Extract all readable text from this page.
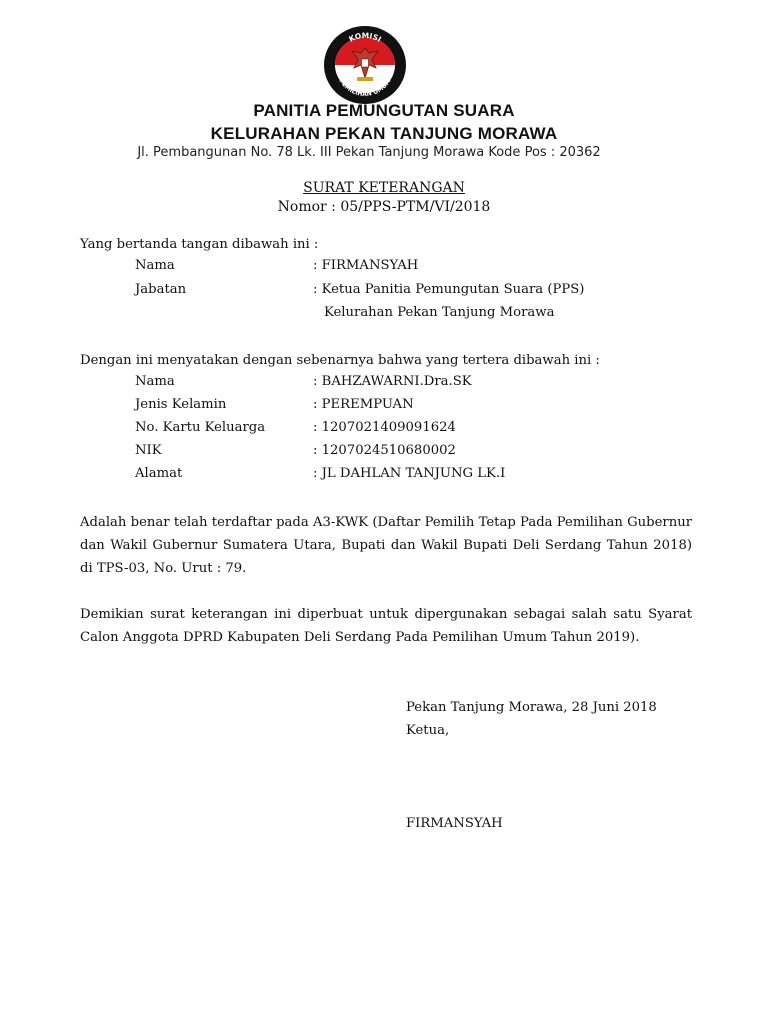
KOMISI
PEMILIHAN UMUM
PANITIA PEMUNGUTAN SUARA
KELURAHAN PEKAN TANJUNG MORAWA
Jl. Pembangunan No. 78 Lk. III Pekan Tanjung Morawa Kode Pos : 20362
SURAT KETERANGAN
Nomor : 05/PPS-PTM/VI/2018
Yang bertanda tangan dibawah ini :
Nama	: FIRMANSYAH
Jabatan	: Ketua Panitia Pemungutan Suara (PPS)
Kelurahan Pekan Tanjung Morawa
Dengan ini menyatakan dengan sebenarnya bahwa yang tertera dibawah ini :
Nama	: BAHZAWARNI.Dra.SK
Jenis Kelamin	: PEREMPUAN
No. Kartu Keluarga	: 1207021409091624
NIK	: 1207024510680002
Alamat	: JL DAHLAN TANJUNG LK.I
Adalah benar telah terdaftar pada A3-KWK (Daftar Pemilih Tetap Pada Pemilihan Gubernur dan Wakil Gubernur Sumatera Utara, Bupati dan Wakil Bupati Deli Serdang Tahun 2018) di TPS-03, No. Urut : 79.
Demikian surat keterangan ini diperbuat untuk dipergunakan sebagai salah satu Syarat Calon Anggota DPRD Kabupaten Deli Serdang Pada Pemilihan Umum Tahun 2019).
Pekan Tanjung Morawa, 28 Juni 2018
Ketua,
FIRMANSYAH
